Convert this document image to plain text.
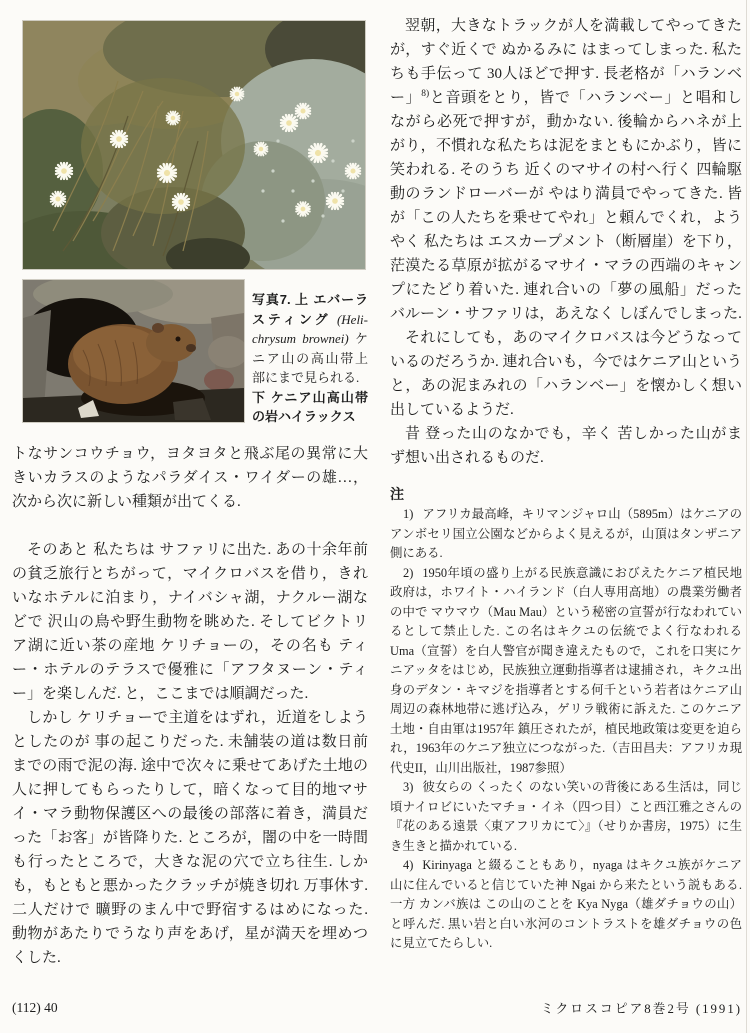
写真7. 上 エバーラスティング (Heli-chrysum brownei) ケニア山の高山帯上部にまで見られる.
下 ケニア山高山帯の岩ハイラックス

トなサンコウチョウ，ヨタヨタと飛ぶ尾の異常に大きいカラスのようなパラダイス・ワイダーの雄…，次から次に新しい種類が出てくる.

そのあと 私たちは サファリに出た. あの十余年前の貧乏旅行とちがって，マイクロバスを借り，きれいなホテルに泊まり，ナイバシャ湖，ナクルー湖などで 沢山の鳥や野生動物を眺めた. そしてビクトリア湖に近い茶の産地 ケリチョーの，その名も ティー・ホテルのテラスで優雅に「アフタヌーン・ティー」を楽しんだ. と，ここまでは順調だった.

しかし ケリチョーで主道をはずれ，近道をしようとしたのが 事の起こりだった. 未舗装の道は数日前までの雨で泥の海. 途中で次々に乗せてあげた土地の人に押してもらったりして，暗くなって目的地マサイ・マラ動物保護区への最後の部落に着き，満員だった「お客」が皆降りた. ところが，闇の中を一時間も行ったところで，大きな泥の穴で立ち往生. しかも，もともと悪かったクラッチが焼き切れ 万事休す. 二人だけで 曠野のまん中で野宿するはめになった. 動物があたりでうなり声をあげ，星が満天を埋めつくした.

翌朝，大きなトラックが人を満載してやってきたが，すぐ近くで ぬかるみに はまってしまった. 私たちも手伝って 30人ほどで押す. 長老格が「ハランベー」$^{8)}$と音頭をとり，皆で「ハランベー」と唱和しながら必死で押すが，動かない. 後輪からハネが上がり，不慣れな私たちは泥をまともにかぶり，皆に笑われる. そのうち 近くのマサイの村へ行く 四輪駆動のランドローバーが やはり満員でやってきた. 皆が「この人たちを乗せてやれ」と頼んでくれ，ようやく 私たちは エスカープメント（断層崖）を下り，茫漠たる草原が拡がるマサイ・マラの西端のキャンプにたどり着いた. 連れ合いの「夢の風船」だったバルーン・サファリは，あえなく しぼんでしまった.

それにしても，あのマイクロバスは今どうなっているのだろうか. 連れ合いも，今ではケニア山というと，あの泥まみれの「ハランベー」を懐かしく想い出しているようだ.

昔 登った山のなかでも，辛く 苦しかった山がまず想い出されるものだ.

注

1) アフリカ最高峰，キリマンジャロ山（5895m）はケニアのアンボセリ国立公園などからよく見えるが，山頂はタンザニア側にある.

2) 1950年頃の盛り上がる民族意識におびえたケニア植民地政府は，ホワイト・ハイランド（白人専用高地）の農業労働者の中で マウマウ（Mau Mau）という秘密の宣誓が行なわれているとして禁止した. この名はキクユの伝統でよく行なわれる Uma（宣誓）を白人警官が聞き違えたもので，これを口実にケニアッタをはじめ，民族独立運動指導者は逮捕され，キクユ出身のデタン・キマジを指導者とする何千という若者はケニア山周辺の森林地帯に逃げ込み，ゲリラ戦術に訴えた. このケニア土地・自由軍は1957年 鎮圧されたが，植民地政策は変更を迫られ，1963年のケニア独立につながった.（吉田昌夫：アフリカ現代史II，山川出版社，1987参照）

3) 彼女らの くったく のない笑いの背後にある生活は，同じ頃ナイロビにいたマチョ・イネ（四つ目）こと西江雅之さんの『花のある遠景〈東アフリカにて〉』（せりか書房，1975）に生き生きと描かれている.

4) Kirinyaga と綴ることもあり，nyaga はキクユ族がケニア山に住んでいると信じていた神 Ngai から来たという説もある. 一方 カンバ族は この山のことを Kya Nyga（雄ダチョウの山）と呼んだ. 黒い岩と白い氷河のコントラストを雄ダチョウの色に見立てたらしい.

(112) 40	ミクロスコピア8巻2号 (1991)
